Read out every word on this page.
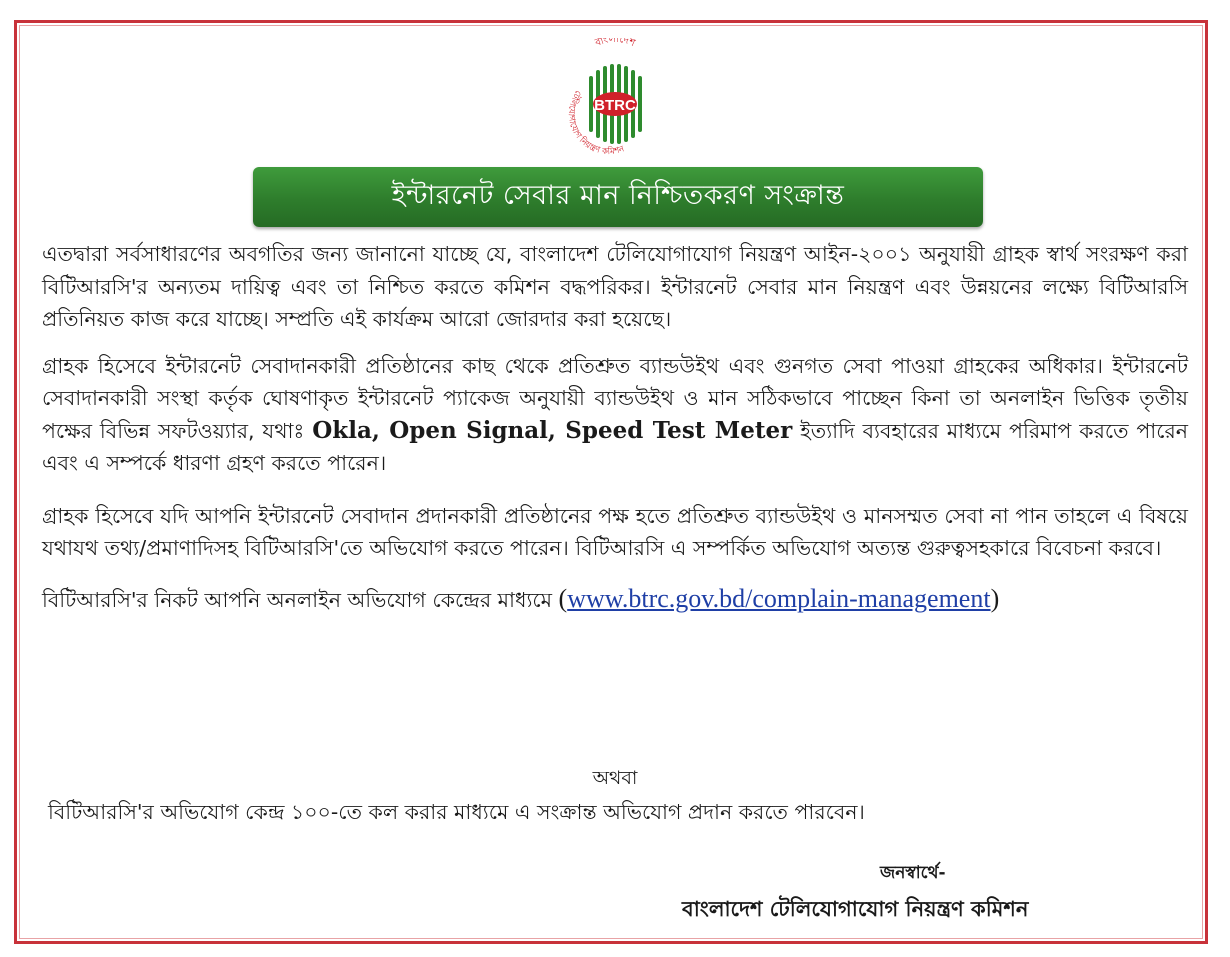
BTRC
বাংলাদেশ
টেলিযোগাযোগ নিয়ন্ত্রণ কমিশন
ইন্টারনেট সেবার মান নিশ্চিতকরণ সংক্রান্ত

এতদ্বারা সর্বসাধারণের অবগতির জন্য জানানো যাচ্ছে যে, বাংলাদেশ টেলিযোগাযোগ নিয়ন্ত্রণ আইন-২০০১ অনুযায়ী গ্রাহক স্বার্থ সংরক্ষণ করা বিটিআরসি'র অন্যতম দায়িত্ব এবং তা নিশ্চিত করতে কমিশন বদ্ধপরিকর। ইন্টারনেট সেবার মান নিয়ন্ত্রণ এবং উন্নয়নের লক্ষ্যে বিটিআরসি প্রতিনিয়ত কাজ করে যাচ্ছে। সম্প্রতি এই কার্যক্রম আরো জোরদার করা হয়েছে।

গ্রাহক হিসেবে ইন্টারনেট সেবাদানকারী প্রতিষ্ঠানের কাছ থেকে প্রতিশ্রুত ব্যান্ডউইথ এবং গুনগত সেবা পাওয়া গ্রাহকের অধিকার। ইন্টারনেট সেবাদানকারী সংস্থা কর্তৃক ঘোষণাকৃত ইন্টারনেট প্যাকেজ অনুযায়ী ব্যান্ডউইথ ও মান সঠিকভাবে পাচ্ছেন কিনা তা অনলাইন ভিত্তিক তৃতীয় পক্ষের বিভিন্ন সফটওয়্যার, যথাঃ Okla, Open Signal, Speed Test Meter ইত্যাদি ব্যবহারের মাধ্যমে পরিমাপ করতে পারেন এবং এ সম্পর্কে ধারণা গ্রহণ করতে পারেন।

গ্রাহক হিসেবে যদি আপনি ইন্টারনেট সেবাদান প্রদানকারী প্রতিষ্ঠানের পক্ষ হতে প্রতিশ্রুত ব্যান্ডউইথ ও মানসম্মত সেবা না পান তাহলে এ বিষয়ে যথাযথ তথ্য/প্রমাণাদিসহ বিটিআরসি'তে অভিযোগ করতে পারেন। বিটিআরসি এ সম্পর্কিত অভিযোগ অত্যন্ত গুরুত্বসহকারে বিবেচনা করবে।

বিটিআরসি'র নিকট আপনি অনলাইন অভিযোগ কেন্দ্রের মাধ্যমে (www.btrc.gov.bd/complain-management)

অথবা
বিটিআরসি'র অভিযোগ কেন্দ্র ১০০-তে কল করার মাধ্যমে এ সংক্রান্ত অভিযোগ প্রদান করতে পারবেন।
জনস্বার্থে-
বাংলাদেশ টেলিযোগাযোগ নিয়ন্ত্রণ কমিশন
